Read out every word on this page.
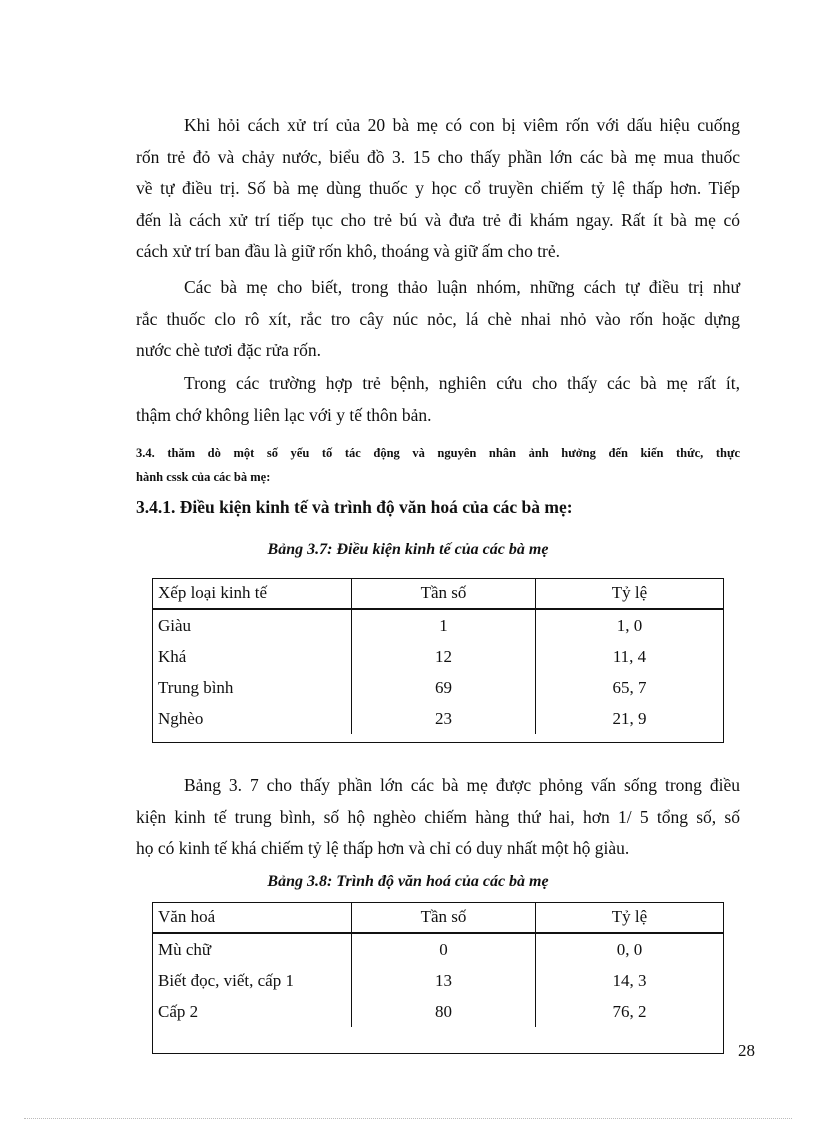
Khi hỏi cách xử trí của 20 bà mẹ có con bị viêm rốn với dấu hiệu cuống
rốn trẻ đỏ và chảy nước, biểu đồ 3. 15 cho thấy phần lớn các bà mẹ mua thuốc
về tự điều trị. Số bà mẹ dùng thuốc y học cổ truyền chiếm tỷ lệ thấp hơn. Tiếp
đến là cách xử trí tiếp tục cho trẻ bú và đưa trẻ đi khám ngay. Rất ít bà mẹ có
cách xử trí ban đầu là giữ rốn khô, thoáng và giữ ấm cho trẻ.
Các bà mẹ cho biết, trong thảo luận nhóm, những cách tự điều trị như
rắc thuốc clo rô xít, rắc tro cây núc nỏc, lá chè nhai nhỏ vào rốn hoặc dựng
nước chè tươi đặc rửa rốn.
Trong các trường hợp trẻ bệnh, nghiên cứu cho thấy các bà mẹ rất ít,
thậm chớ không liên lạc với y tế thôn bản.
3.4. thăm dò một số yếu tố tác động và nguyên nhân ảnh hưởng đến kiến thức, thực
hành cssk của các bà mẹ:

3.4.1. Điều kiện kinh tế và trình độ văn hoá của các bà mẹ:

Bảng 3.7: Điều kiện kinh tế của các bà mẹ

Xếp loại kinh tế	Tần số	Tỷ lệ
Giàu	1	1, 0
Khá	12	11, 4
Trung bình	69	65, 7
Nghèo	23	21, 9
Bảng 3. 7 cho thấy phần lớn các bà mẹ được phỏng vấn sống trong điều
kiện kinh tế trung bình, số hộ nghèo chiếm hàng thứ hai, hơn 1/ 5 tổng số, số
họ có kinh tế khá chiếm tỷ lệ thấp hơn và chỉ có duy nhất một hộ giàu.

Bảng 3.8: Trình độ văn hoá của các bà mẹ

Văn hoá	Tần số	Tỷ lệ
Mù chữ	0	0, 0
Biết đọc, viết, cấp 1	13	14, 3
Cấp 2	80	76, 2

28
